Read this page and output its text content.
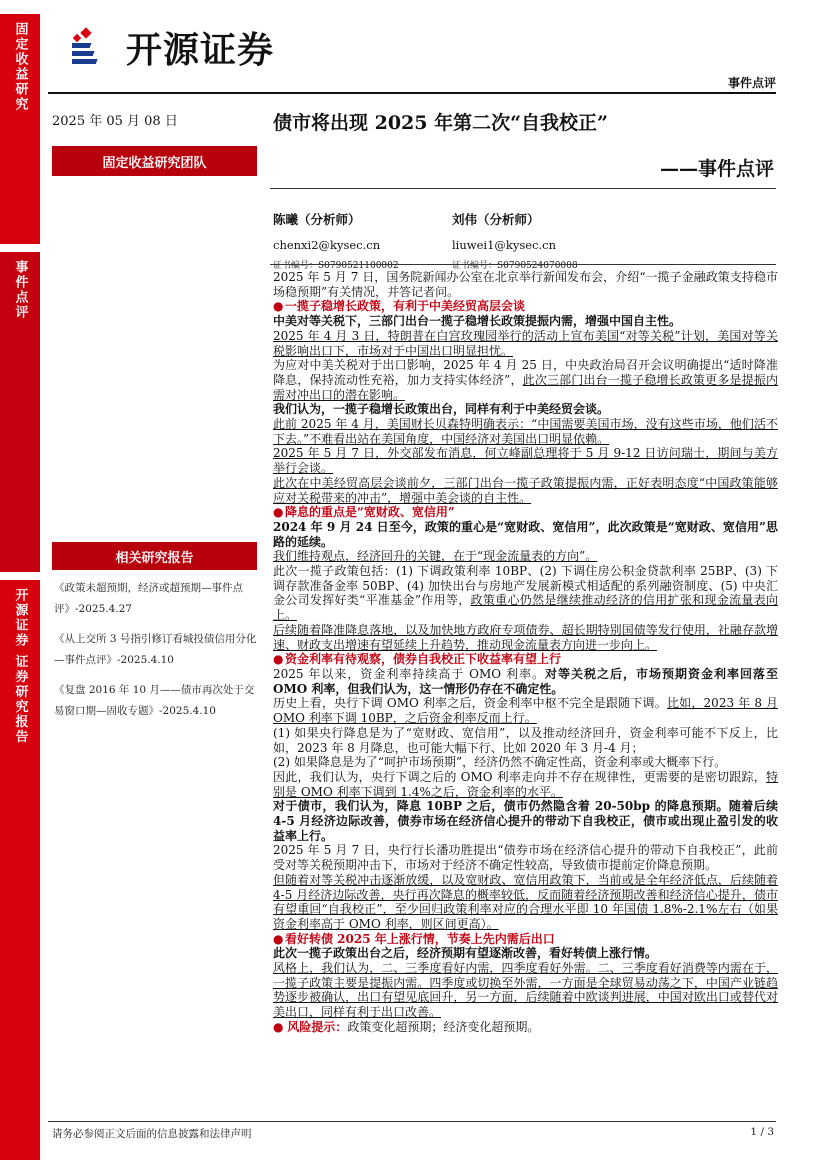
固定收益研究
事件点评
开源证券 证券研究报告
开源证券
事件点评
2025 年 05 月 08 日
固定收益研究团队
相关研究报告
《政策未超预期，经济或超预期—事件点评》-2025.4.27
《从上交所 3 号指引修订看城投债信用分化—事件点评》-2025.4.10
《复盘 2016 年 10 月——债市再次处于交易窗口期—固收专题》-2025.4.10
债市将出现 2025 年第二次“自我校正”
——事件点评
陈曦（分析师）
chenxi2@kysec.cn
证书编号：S0790521100002
刘伟（分析师）
liuwei1@kysec.cn
证书编号：S0790524070008

2025 年 5 月 7 日，国务院新闻办公室在北京举行新闻发布会，介绍“一揽子金融政策支持稳市场稳预期”有关情况，并答记者问。

● 一揽子稳增长政策，有利于中美经贸高层会谈

中美对等关税下，三部门出台一揽子稳增长政策提振内需，增强中国自主性。

2025 年 4 月 3 日，特朗普在白宫玫瑰园举行的活动上宣布美国“对等关税”计划，美国对等关税影响出口下，市场对于中国出口明显担忧。

为应对中美关税对于出口影响，2025 年 4 月 25 日，中央政治局召开会议明确提出“适时降准降息，保持流动性充裕，加力支持实体经济”，此次三部门出台一揽子稳增长政策更多是提振内需对冲出口的潜在影响。

我们认为，一揽子稳增长政策出台，同样有利于中美经贸会谈。

此前 2025 年 4 月，美国财长贝森特明确表示：“中国需要美国市场，没有这些市场，他们活不下去。”不难看出站在美国角度，中国经济对美国出口明显依赖。

2025 年 5 月 7 日，外交部发布消息，何立峰副总理将于 5 月 9-12 日访问瑞士，期间与美方举行会谈。

此次在中美经贸高层会谈前夕，三部门出台一揽子政策提振内需，正好表明态度“中国政策能够应对关税带来的冲击”，增强中美会谈的自主性。

● 降息的重点是“宽财政、宽信用”

2024 年 9 月 24 日至今，政策的重心是“宽财政、宽信用”，此次政策是“宽财政、宽信用”思路的延续。

我们维持观点，经济回升的关键，在于“现金流量表的方向”。

此次一揽子政策包括：(1) 下调政策利率 10BP、(2) 下调住房公积金贷款利率 25BP、(3) 下调存款准备金率 50BP、(4) 加快出台与房地产发展新模式相适配的系列融资制度、(5) 中央汇金公司发挥好类“平准基金”作用等，政策重心仍然是继续推动经济的信用扩张和现金流量表向上。

后续随着降准降息落地，以及加快地方政府专项债券、超长期特别国债等发行使用，社融存款增速、财政支出增速有望延续上升趋势，推动现金流量表方向进一步向上。

● 资金利率有待观察，债券自我校正下收益率有望上行

2025 年以来，资金利率持续高于 OMO 利率。对等关税之后，市场预期资金利率回落至 OMO 利率，但我们认为，这一情形仍存在不确定性。

历史上看，央行下调 OMO 利率之后，资金利率中枢不完全是跟随下调。比如，2023 年 8 月 OMO 利率下调 10BP，之后资金利率反而上行。

(1) 如果央行降息是为了“宽财政、宽信用”，以及推动经济回升，资金利率可能不下反上，比如，2023 年 8 月降息，也可能大幅下行、比如 2020 年 3 月-4 月；

(2) 如果降息是为了“呵护市场预期”，经济仍然不确定性高，资金利率或大概率下行。

因此，我们认为，央行下调之后的 OMO 利率走向并不存在规律性，更需要的是密切跟踪，特别是 OMO 利率下调到 1.4%之后，资金利率的水平。

对于债市，我们认为，降息 10BP 之后，债市仍然隐含着 20-50bp 的降息预期。随着后续 4-5 月经济边际改善，债券市场在经济信心提升的带动下自我校正，债市或出现止盈引发的收益率上行。

2025 年 5 月 7 日，央行行长潘功胜提出“债券市场在经济信心提升的带动下自我校正”，此前受对等关税预期冲击下，市场对于经济不确定性较高，导致债市提前定价降息预期。

但随着对等关税冲击逐渐放缓，以及宽财政、宽信用政策下，当前或是全年经济低点，后续随着 4-5 月经济边际改善，央行再次降息的概率较低，反而随着经济预期改善和经济信心提升，债市有望重回“自我校正”，至少回归政策利率对应的合理水平即 10 年国债 1.8%-2.1%左右（如果资金利率高于 OMO 利率，则区间更高）。

● 看好转债 2025 年上涨行情，节奏上先内需后出口

此次一揽子政策出台之后，经济预期有望逐渐改善，看好转债上涨行情。

风格上，我们认为，二、三季度看好内需，四季度看好外需。二、三季度看好消费等内需在于，一揽子政策主要是提振内需。四季度或切换至外需，一方面是全球贸易动荡之下，中国产业链趋势逐步被确认，出口有望见底回升，另一方面，后续随着中欧谈判进展，中国对欧出口或替代对美出口，同样有利于出口改善。

● 风险提示：政策变化超预期；经济变化超预期。

请务必参阅正文后面的信息披露和法律声明	1 / 3
